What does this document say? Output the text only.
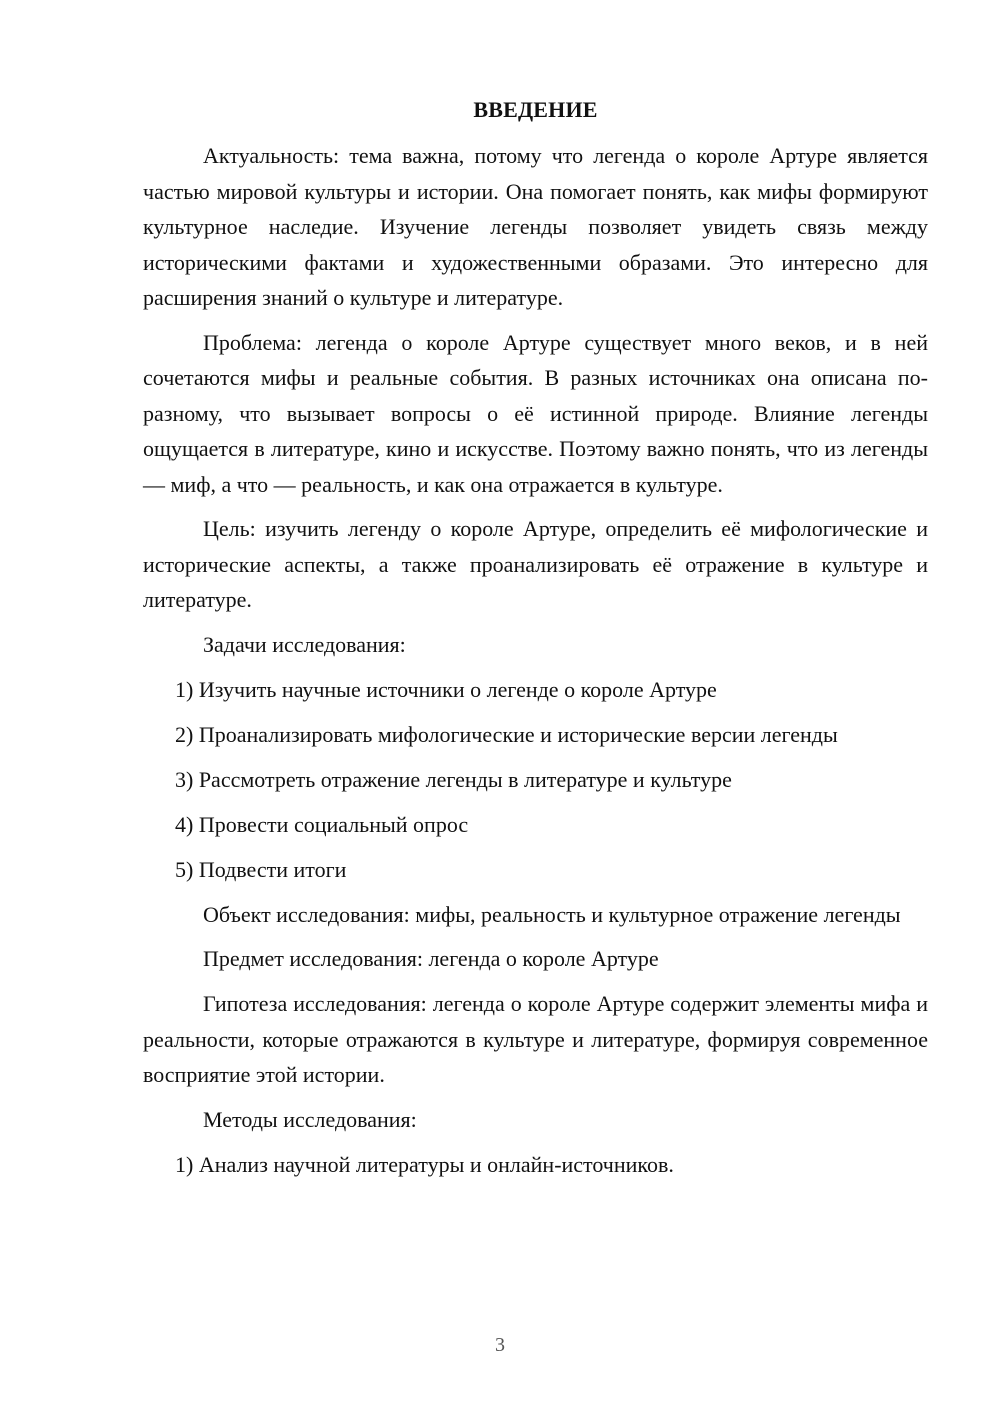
ВВЕДЕНИЕ

Актуальность: тема важна, потому что легенда о короле Артуре является частью мировой культуры и истории. Она помогает понять, как мифы формируют культурное наследие. Изучение легенды позволяет увидеть связь между историческими фактами и художественными образами. Это интересно для расширения знаний о культуре и литературе.

Проблема: легенда о короле Артуре существует много веков, и в ней сочетаются мифы и реальные события. В разных источниках она описана по-разному, что вызывает вопросы о её истинной природе. Влияние легенды ощущается в литературе, кино и искусстве. Поэтому важно понять, что из легенды — миф, а что — реальность, и как она отражается в культуре.

Цель: изучить легенду о короле Артуре, определить её мифологические и исторические аспекты, а также проанализировать её отражение в культуре и литературе.

Задачи исследования:
1) Изучить научные источники о легенде о короле Артуре
2) Проанализировать мифологические и исторические версии легенды
3) Рассмотреть отражение легенды в литературе и культуре
4) Провести социальный опрос
5) Подвести итоги

Объект исследования: мифы, реальность и культурное отражение легенды

Предмет исследования: легенда о короле Артуре

Гипотеза исследования: легенда о короле Артуре содержит элементы мифа и реальности, которые отражаются в культуре и литературе, формируя современное восприятие этой истории.

Методы исследования:
1) Анализ научной литературы и онлайн-источников.
3
